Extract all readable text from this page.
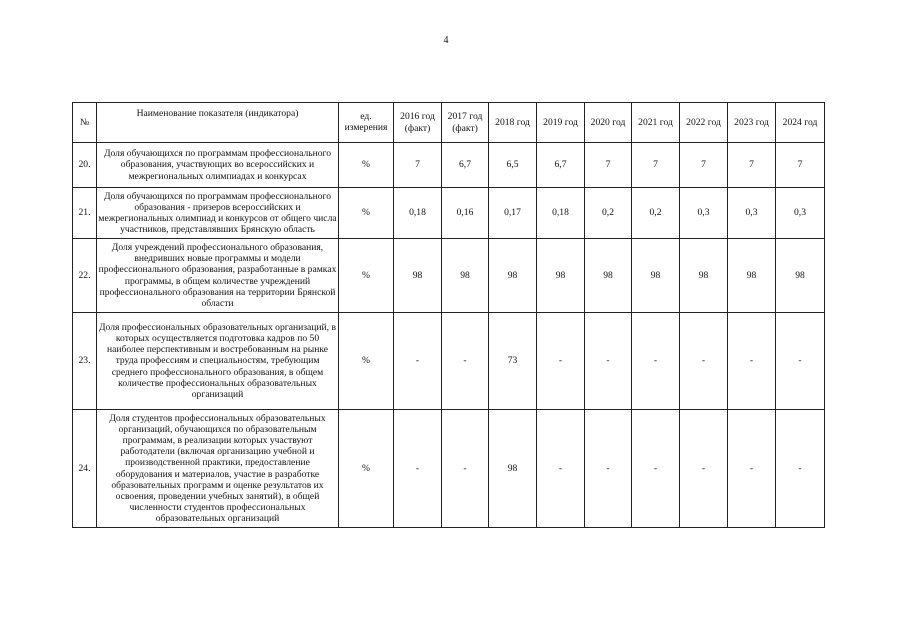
4
№	Наименование показателя (индикатора)	ед. измерения	2016 год (факт)	2017 год (факт)	2018 год	2019 год	2020 год	2021 год	2022 год	2023 год	2024 год
20.	Доля обучающихся по программам профессионального образования, участвующих во всероссийских и межрегиональных олимпиадах и конкурсах	%	7	6,7	6,5	6,7	7	7	7	7	7
21.	Доля обучающихся по программам профессионального образования - призеров всероссийских и межрегиональных олимпиад и конкурсов от общего числа участников, представлявших Брянскую область	%	0,18	0,16	0,17	0,18	0,2	0,2	0,3	0,3	0,3
22.	Доля учреждений профессионального образования, внедривших новые программы и модели профессионального образования, разработанные в рамках программы, в общем количестве учреждений профессионального образования на территории Брянской области	%	98	98	98	98	98	98	98	98	98
23.	Доля профессиональных образовательных организаций, в которых осуществляется подготовка кадров по 50 наиболее перспективным и востребованным на рынке труда профессиям и специальностям, требующим среднего профессионального образования, в общем количестве профессиональных образовательных организаций	%	-	-	73	-	-	-	-	-	-
24.	Доля студентов профессиональных образовательных организаций, обучающихся по образовательным программам, в реализации которых участвуют работодатели (включая организацию учебной и производственной практики, предоставление оборудования и материалов, участие в разработке образовательных программ и оценке результатов их освоения, проведении учебных занятий), в общей численности студентов профессиональных образовательных организаций	%	-	-	98	-	-	-	-	-	-
